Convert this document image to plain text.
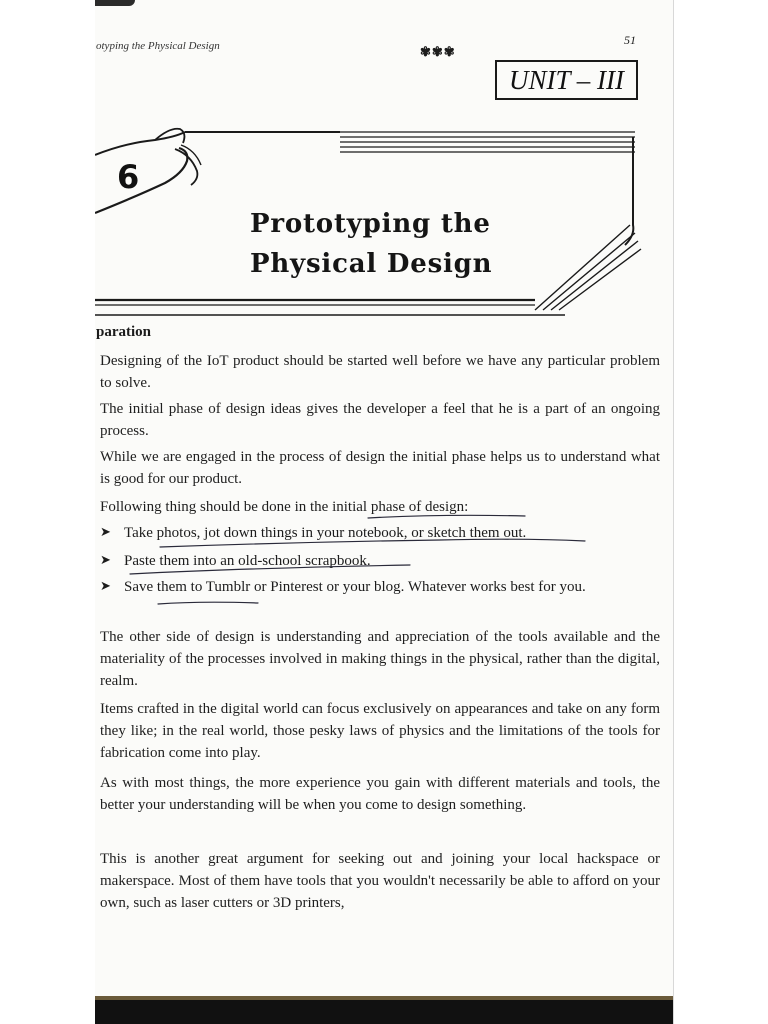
otyping the Physical Design	✾✾✾
51
UNIT – III
6
Prototyping the
Physical Design
paration
Designing of the IoT product should be started well before we have any particular problem to solve.
The initial phase of design ideas gives the developer a feel that he is a part of an ongoing process.
While we are engaged in the process of design the initial phase helps us to understand what is good for our product.
Following thing should be done in the initial phase of design:
➤ Take photos, jot down things in your notebook, or sketch them out.
➤ Paste them into an old-school scrapbook.
➤ Save them to Tumblr or Pinterest or your blog. Whatever works best for you.
The other side of design is understanding and appreciation of the tools available and the materiality of the processes involved in making things in the physical, rather than the digital, realm.
Items crafted in the digital world can focus exclusively on appearances and take on any form they like; in the real world, those pesky laws of physics and the limitations of the tools for fabrication come into play.
As with most things, the more experience you gain with different materials and tools, the better your understanding will be when you come to design something.
This is another great argument for seeking out and joining your local hackspace or makerspace. Most of them have tools that you wouldn't necessarily be able to afford on your own, such as laser cutters or 3D printers,
